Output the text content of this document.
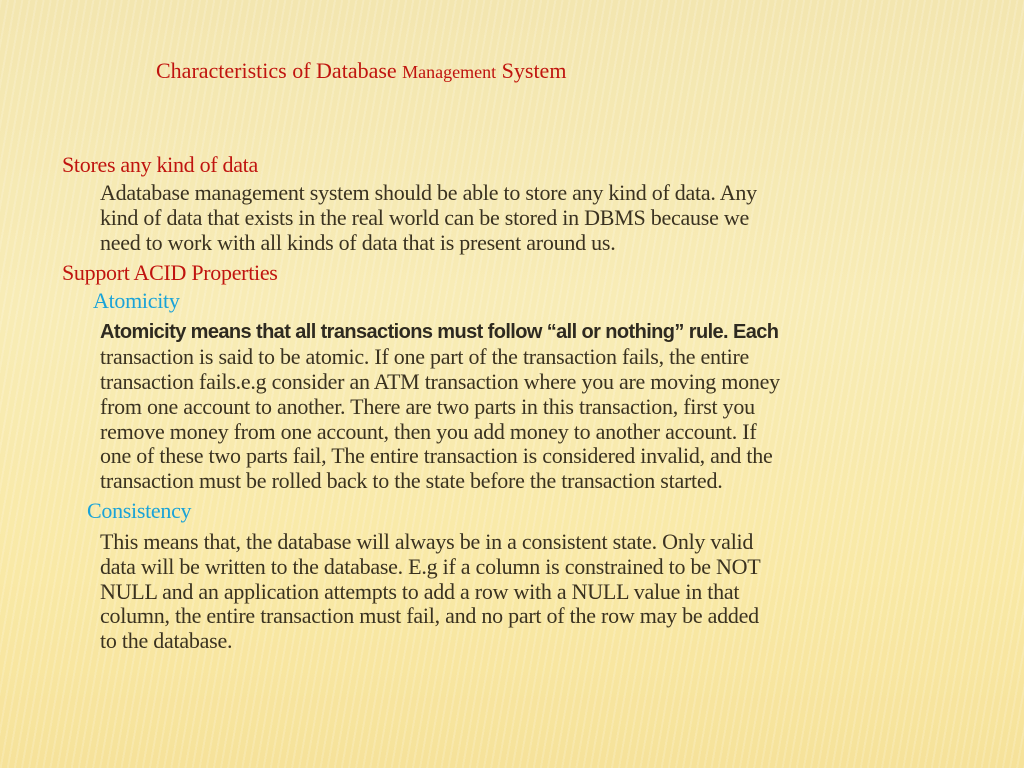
Characteristics of Database Management System
Stores any kind of data

Adatabase management system should be able to store any kind of data. Any

kind of data that exists in the real world can be stored in DBMS because we

need to work with all kinds of data that is present around us.

Support ACID Properties
Atomicity

Atomicity means that all transactions must follow “all or nothing” rule. Each

transaction is said to be atomic. If one part of the transaction fails, the entire

transaction fails.e.g consider an ATM transaction where you are moving money

from one account to another. There are two parts in this transaction, first you

remove money from one account, then you add money to another account. If

one of these two parts fail, The entire transaction is considered invalid, and the

transaction must be rolled back to the state before the transaction started.

Consistency

This means that, the database will always be in a consistent state. Only valid

data will be written to the database. E.g if a column is constrained to be NOT

NULL and an application attempts to add a row with a NULL value in that

column, the entire transaction must fail, and no part of the row may be added

to the database.
